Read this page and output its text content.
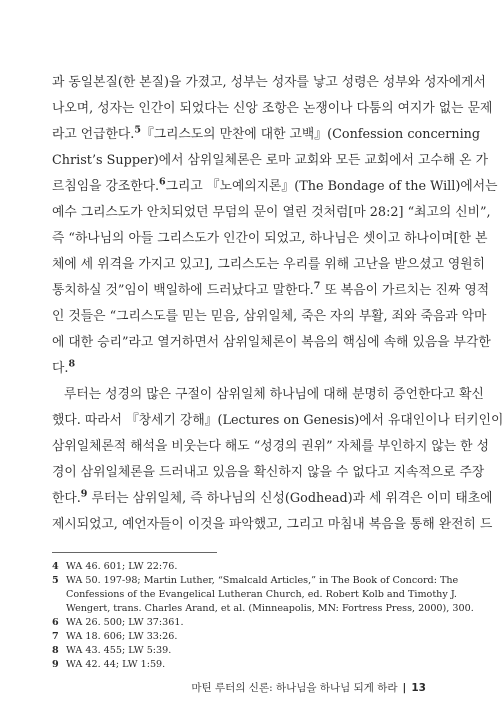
과 동일본질(한 본질)을 가졌고, 성부는 성자를 낳고 성령은 성부와 성자에게서
나오며, 성자는 인간이 되었다는 신앙 조항은 논쟁이나 다툼의 여지가 없는 문제
라고 언급한다.$^5$『그리스도의 만찬에 대한 고백』(Confession concerning
Christ’s Supper)에서 삼위일체론은 로마 교회와 모든 교회에서 고수해 온 가
르침임을 강조한다.$^6$그리고 『노예의지론』(The Bondage of the Will)에서는
예수 그리스도가 안치되었던 무덤의 문이 열린 것처럼[마 28:2] “최고의 신비”,
즉 “하나님의 아들 그리스도가 인간이 되었고, 하나님은 셋이고 하나이며[한 본
체에 세 위격을 가지고 있고], 그리스도는 우리를 위해 고난을 받으셨고 영원히
통치하실 것”임이 백일하에 드러났다고 말한다.$^7$ 또 복음이 가르치는 진짜 영적
인 것들은 “그리스도를 믿는 믿음, 삼위일체, 죽은 자의 부활, 죄와 죽음과 악마
에 대한 승리”라고 열거하면서 삼위일체론이 복음의 핵심에 속해 있음을 부각한
다.$^8$
루터는 성경의 많은 구절이 삼위일체 하나님에 대해 분명히 증언한다고 확신
했다. 따라서 『창세기 강해』(Lectures on Genesis)에서 유대인이나 터키인이
삼위일체론적 해석을 비웃는다 해도 “성경의 권위” 자체를 부인하지 않는 한 성
경이 삼위일체론을 드러내고 있음을 확신하지 않을 수 없다고 지속적으로 주장
한다.$^9$ 루터는 삼위일체, 즉 하나님의 신성(Godhead)과 세 위격은 이미 태초에
제시되었고, 예언자들이 이것을 파악했고, 그리고 마침내 복음을 통해 완전히 드
4 WA 46. 601; LW 22:76.
5 WA 50. 197-98; Martin Luther, “Smalcald Articles,” in The Book of Concord: The
Confessions of the Evangelical Lutheran Church, ed. Robert Kolb and Timothy J.
Wengert, trans. Charles Arand, et al. (Minneapolis, MN: Fortress Press, 2000), 300.
6 WA 26. 500; LW 37:361.
7 WA 18. 606; LW 33:26.
8 WA 43. 455; LW 5:39.
9 WA 42. 44; LW 1:59.
마틴 루터의 신론: 하나님을 하나님 되게 하라 | 13
